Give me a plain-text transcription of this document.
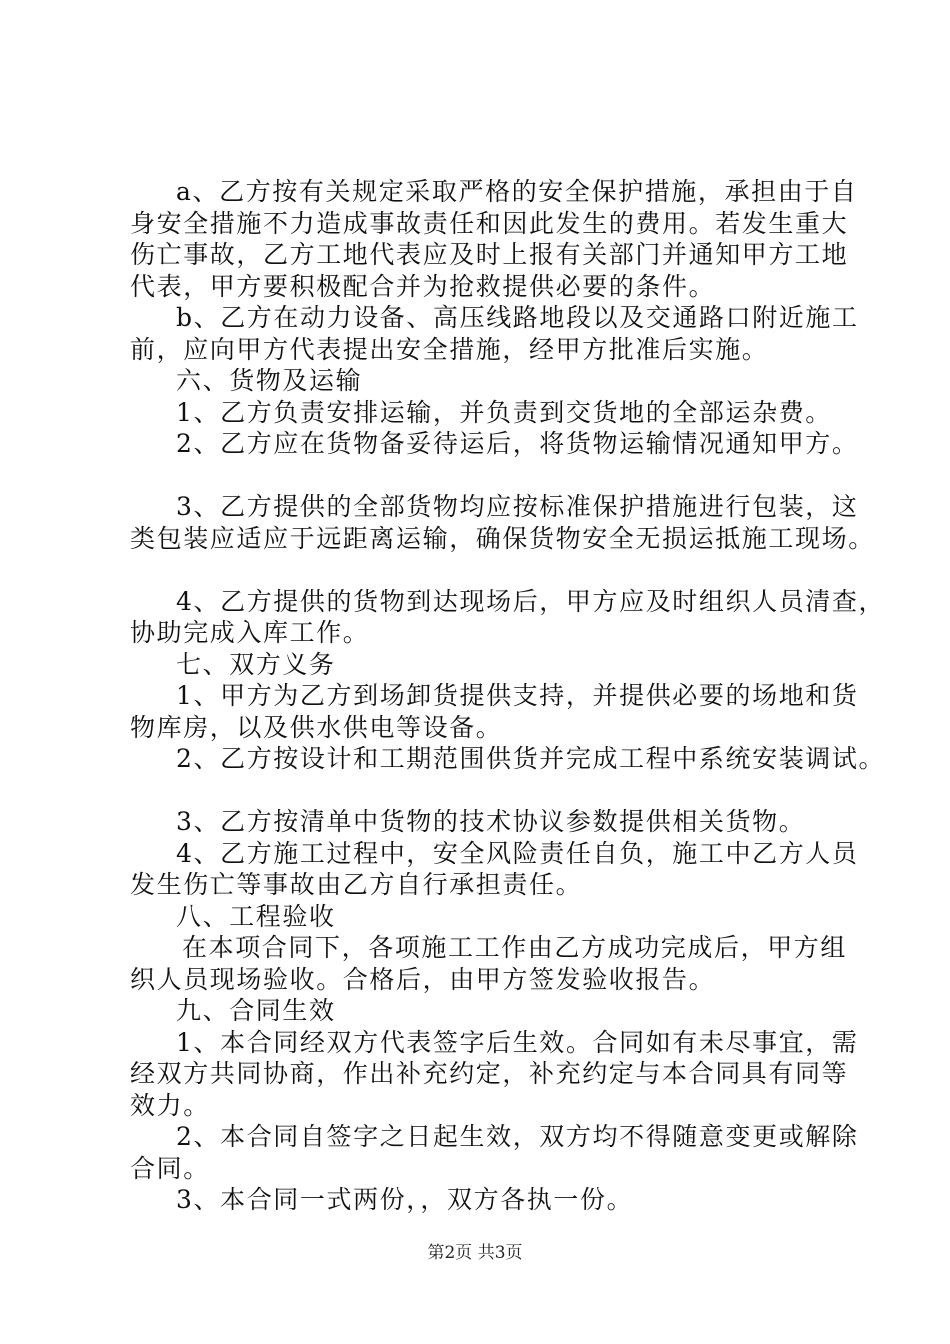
a、乙方按有关规定采取严格的安全保护措施，承担由于自
身安全措施不力造成事故责任和因此发生的费用。若发生重大
伤亡事故，乙方工地代表应及时上报有关部门并通知甲方工地
代表，甲方要积极配合并为抢救提供必要的条件。
b、乙方在动力设备、高压线路地段以及交通路口附近施工
前，应向甲方代表提出安全措施，经甲方批准后实施。
六、货物及运输
1、乙方负责安排运输，并负责到交货地的全部运杂费。
2、乙方应在货物备妥待运后，将货物运输情况通知甲方。
3、乙方提供的全部货物均应按标准保护措施进行包装，这
类包装应适应于远距离运输，确保货物安全无损运抵施工现场。
4、乙方提供的货物到达现场后，甲方应及时组织人员清查，
协助完成入库工作。
七、双方义务
1、甲方为乙方到场卸货提供支持，并提供必要的场地和货
物库房，以及供水供电等设备。
2、乙方按设计和工期范围供货并完成工程中系统安装调试。
3、乙方按清单中货物的技术协议参数提供相关货物。
4、乙方施工过程中，安全风险责任自负，施工中乙方人员
发生伤亡等事故由乙方自行承担责任。
八、工程验收
在本项合同下，各项施工工作由乙方成功完成后，甲方组
织人员现场验收。合格后，由甲方签发验收报告。
九、合同生效
1、本合同经双方代表签字后生效。合同如有未尽事宜，需
经双方共同协商，作出补充约定，补充约定与本合同具有同等
效力。
2、本合同自签字之日起生效，双方均不得随意变更或解除
合同。
3、本合同一式两份，，双方各执一份。
第2页 共3页
